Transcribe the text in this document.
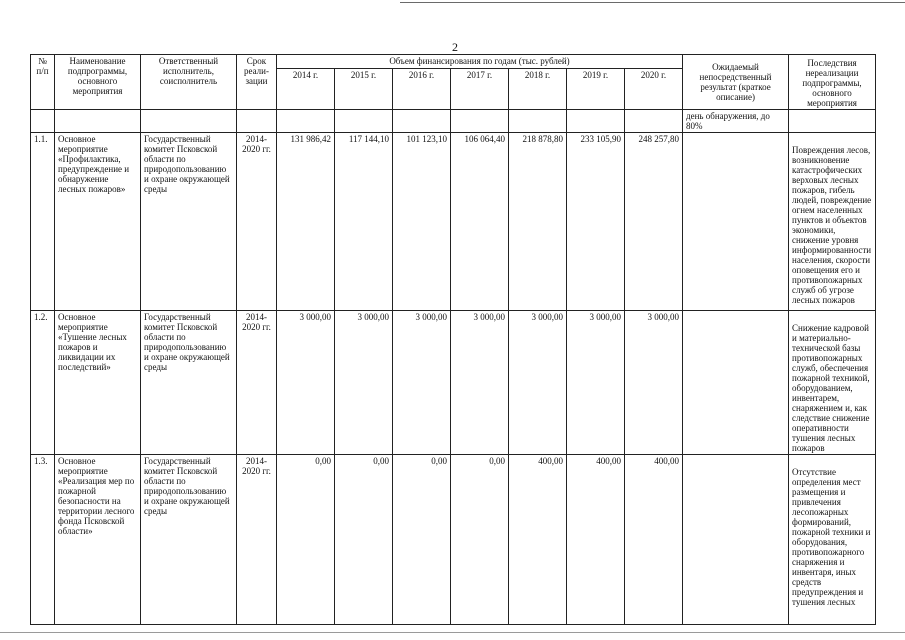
2
№ п/п	Наименование подпрограммы, основного мероприятия	Ответственный исполнитель, соисполнитель	Срок реали-зации	Объем финансирования по годам (тыс. рублей)							Ожидаемый непосредственный результат (краткое описание)	Последствия нереализации подпрограммы, основного мероприятия
				2014 г.	2015 г.	2016 г.	2017 г.	2018 г.	2019 г.	2020 г.		
											день обнаружения, до 80%	
1.1.	Основное мероприятие «Профилактика, предупреждение и обнаружение лесных пожаров»	Государственный комитет Псковской области по природопользованию и охране окружающей среды	2014-2020 гг.	131 986,42	117 144,10	101 123,10	106 064,40	218 878,80	233 105,90	248 257,80		Повреждения лесов, возникновение катастрофических верховых лесных пожаров, гибель людей, повреждение огнем населенных пунктов и объектов экономики, снижение уровня информированности населения, скорости оповещения его и противопожарных служб об угрозе лесных пожаров
1.2.	Основное мероприятие «Тушение лесных пожаров и ликвидации их последствий»	Государственный комитет Псковской области по природопользованию и охране окружающей среды	2014-2020 гг.	3 000,00	3 000,00	3 000,00	3 000,00	3 000,00	3 000,00	3 000,00		Снижение кадровой и материально-технической базы противопожарных служб, обеспечения пожарной техникой, оборудованием, инвентарем, снаряжением и, как следствие снижение оперативности тушения лесных пожаров
1.3.	Основное мероприятие «Реализация мер по пожарной безопасности на территории лесного фонда Псковской области»	Государственный комитет Псковской области по природопользованию и охране окружающей среды	2014-2020 гг.	0,00	0,00	0,00	0,00	400,00	400,00	400,00		Отсутствие определения мест размещения и привлечения лесопожарных формирований, пожарной техники и оборудования, противопожарного снаряжения и инвентаря, иных средств предупреждения и тушения лесных
